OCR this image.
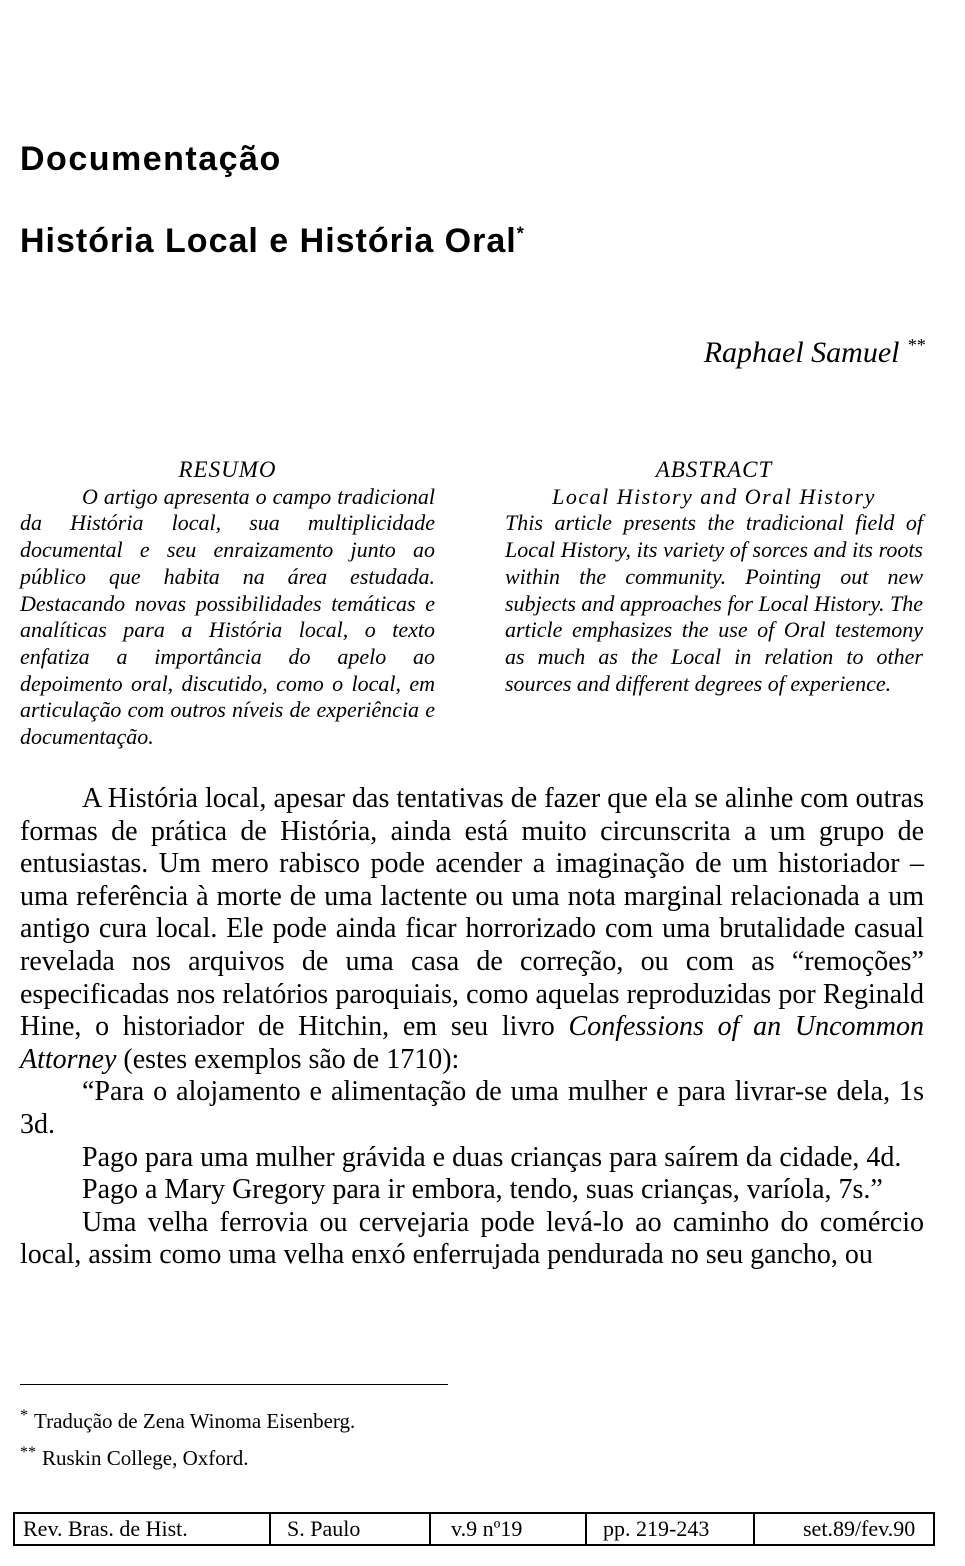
Documentação
História Local e História Oral*
Raphael Samuel **
RESUMO
O artigo apresenta o campo tradicional da História local, sua multiplicidade documental e seu enraizamento junto ao público que habita na área estudada. Destacando novas possibilidades temáticas e analíticas para a História local, o texto enfatiza a importância do apelo ao depoimento oral, discutido, como o local, em articulação com outros níveis de experiência e documentação.
ABSTRACT
Local History and Oral History
This article presents the tradicional field of Local History, its variety of sorces and its roots within the community. Pointing out new subjects and approaches for Local History. The article emphasizes the use of Oral testemony as much as the Local in relation to other sources and different degrees of experience.

A História local, apesar das tentativas de fazer que ela se alinhe com outras formas de prática de História, ainda está muito circunscrita a um grupo de entusiastas. Um mero rabisco pode acender a imaginação de um historiador – uma referência à morte de uma lactente ou uma nota marginal relacionada a um antigo cura local. Ele pode ainda ficar horrorizado com uma brutalidade casual revelada nos arquivos de uma casa de correção, ou com as “remoções” especificadas nos relatórios paroquiais, como aquelas reproduzidas por Reginald Hine, o historiador de Hitchin, em seu livro Confessions of an Uncommon Attorney (estes exemplos são de 1710):

“Para o alojamento e alimentação de uma mulher e para livrar-se dela, 1s 3d.

Pago para uma mulher grávida e duas crianças para saírem da cidade, 4d.

Pago a Mary Gregory para ir embora, tendo, suas crianças, varíola, 7s.”

Uma velha ferrovia ou cervejaria pode levá-lo ao caminho do comércio local, assim como uma velha enxó enferrujada pendurada no seu gancho, ou

* Tradução de Zena Winoma Eisenberg.
** Ruskin College, Oxford.
Rev. Bras. de Hist.	S. Paulo	v.9 nº19	pp. 219-243	set.89/fev.90
